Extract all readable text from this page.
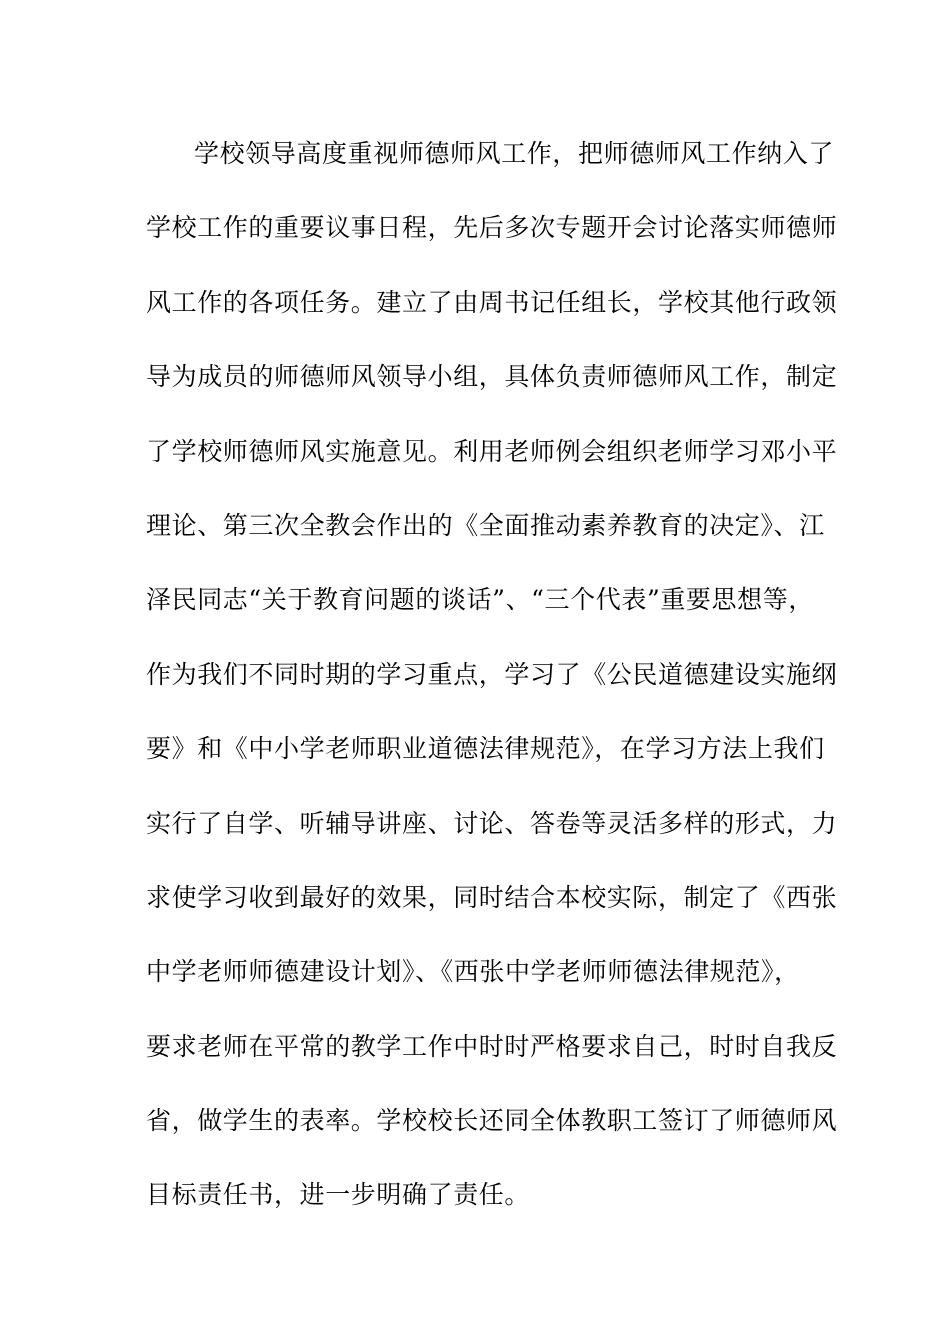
学校领导高度重视师德师风工作，把师德师风工作纳入了
学校工作的重要议事日程，先后多次专题开会讨论落实师德师
风工作的各项任务。建立了由周书记任组长，学校其他行政领
导为成员的师德师风领导小组，具体负责师德师风工作，制定
了学校师德师风实施意见。利用老师例会组织老师学习邓小平
理论、第三次全教会作出的《全面推动素养教育的决定》、江
泽民同志“关于教育问题的谈话”、“三个代表”重要思想等，
作为我们不同时期的学习重点，学习了《公民道德建设实施纲
要》和《中小学老师职业道德法律规范》，在学习方法上我们
实行了自学、听辅导讲座、讨论、答卷等灵活多样的形式，力
求使学习收到最好的效果，同时结合本校实际，制定了《西张
中学老师师德建设计划》、《西张中学老师师德法律规范》，
要求老师在平常的教学工作中时时严格要求自己，时时自我反
省，做学生的表率。学校校长还同全体教职工签订了师德师风
目标责任书，进一步明确了责任。
